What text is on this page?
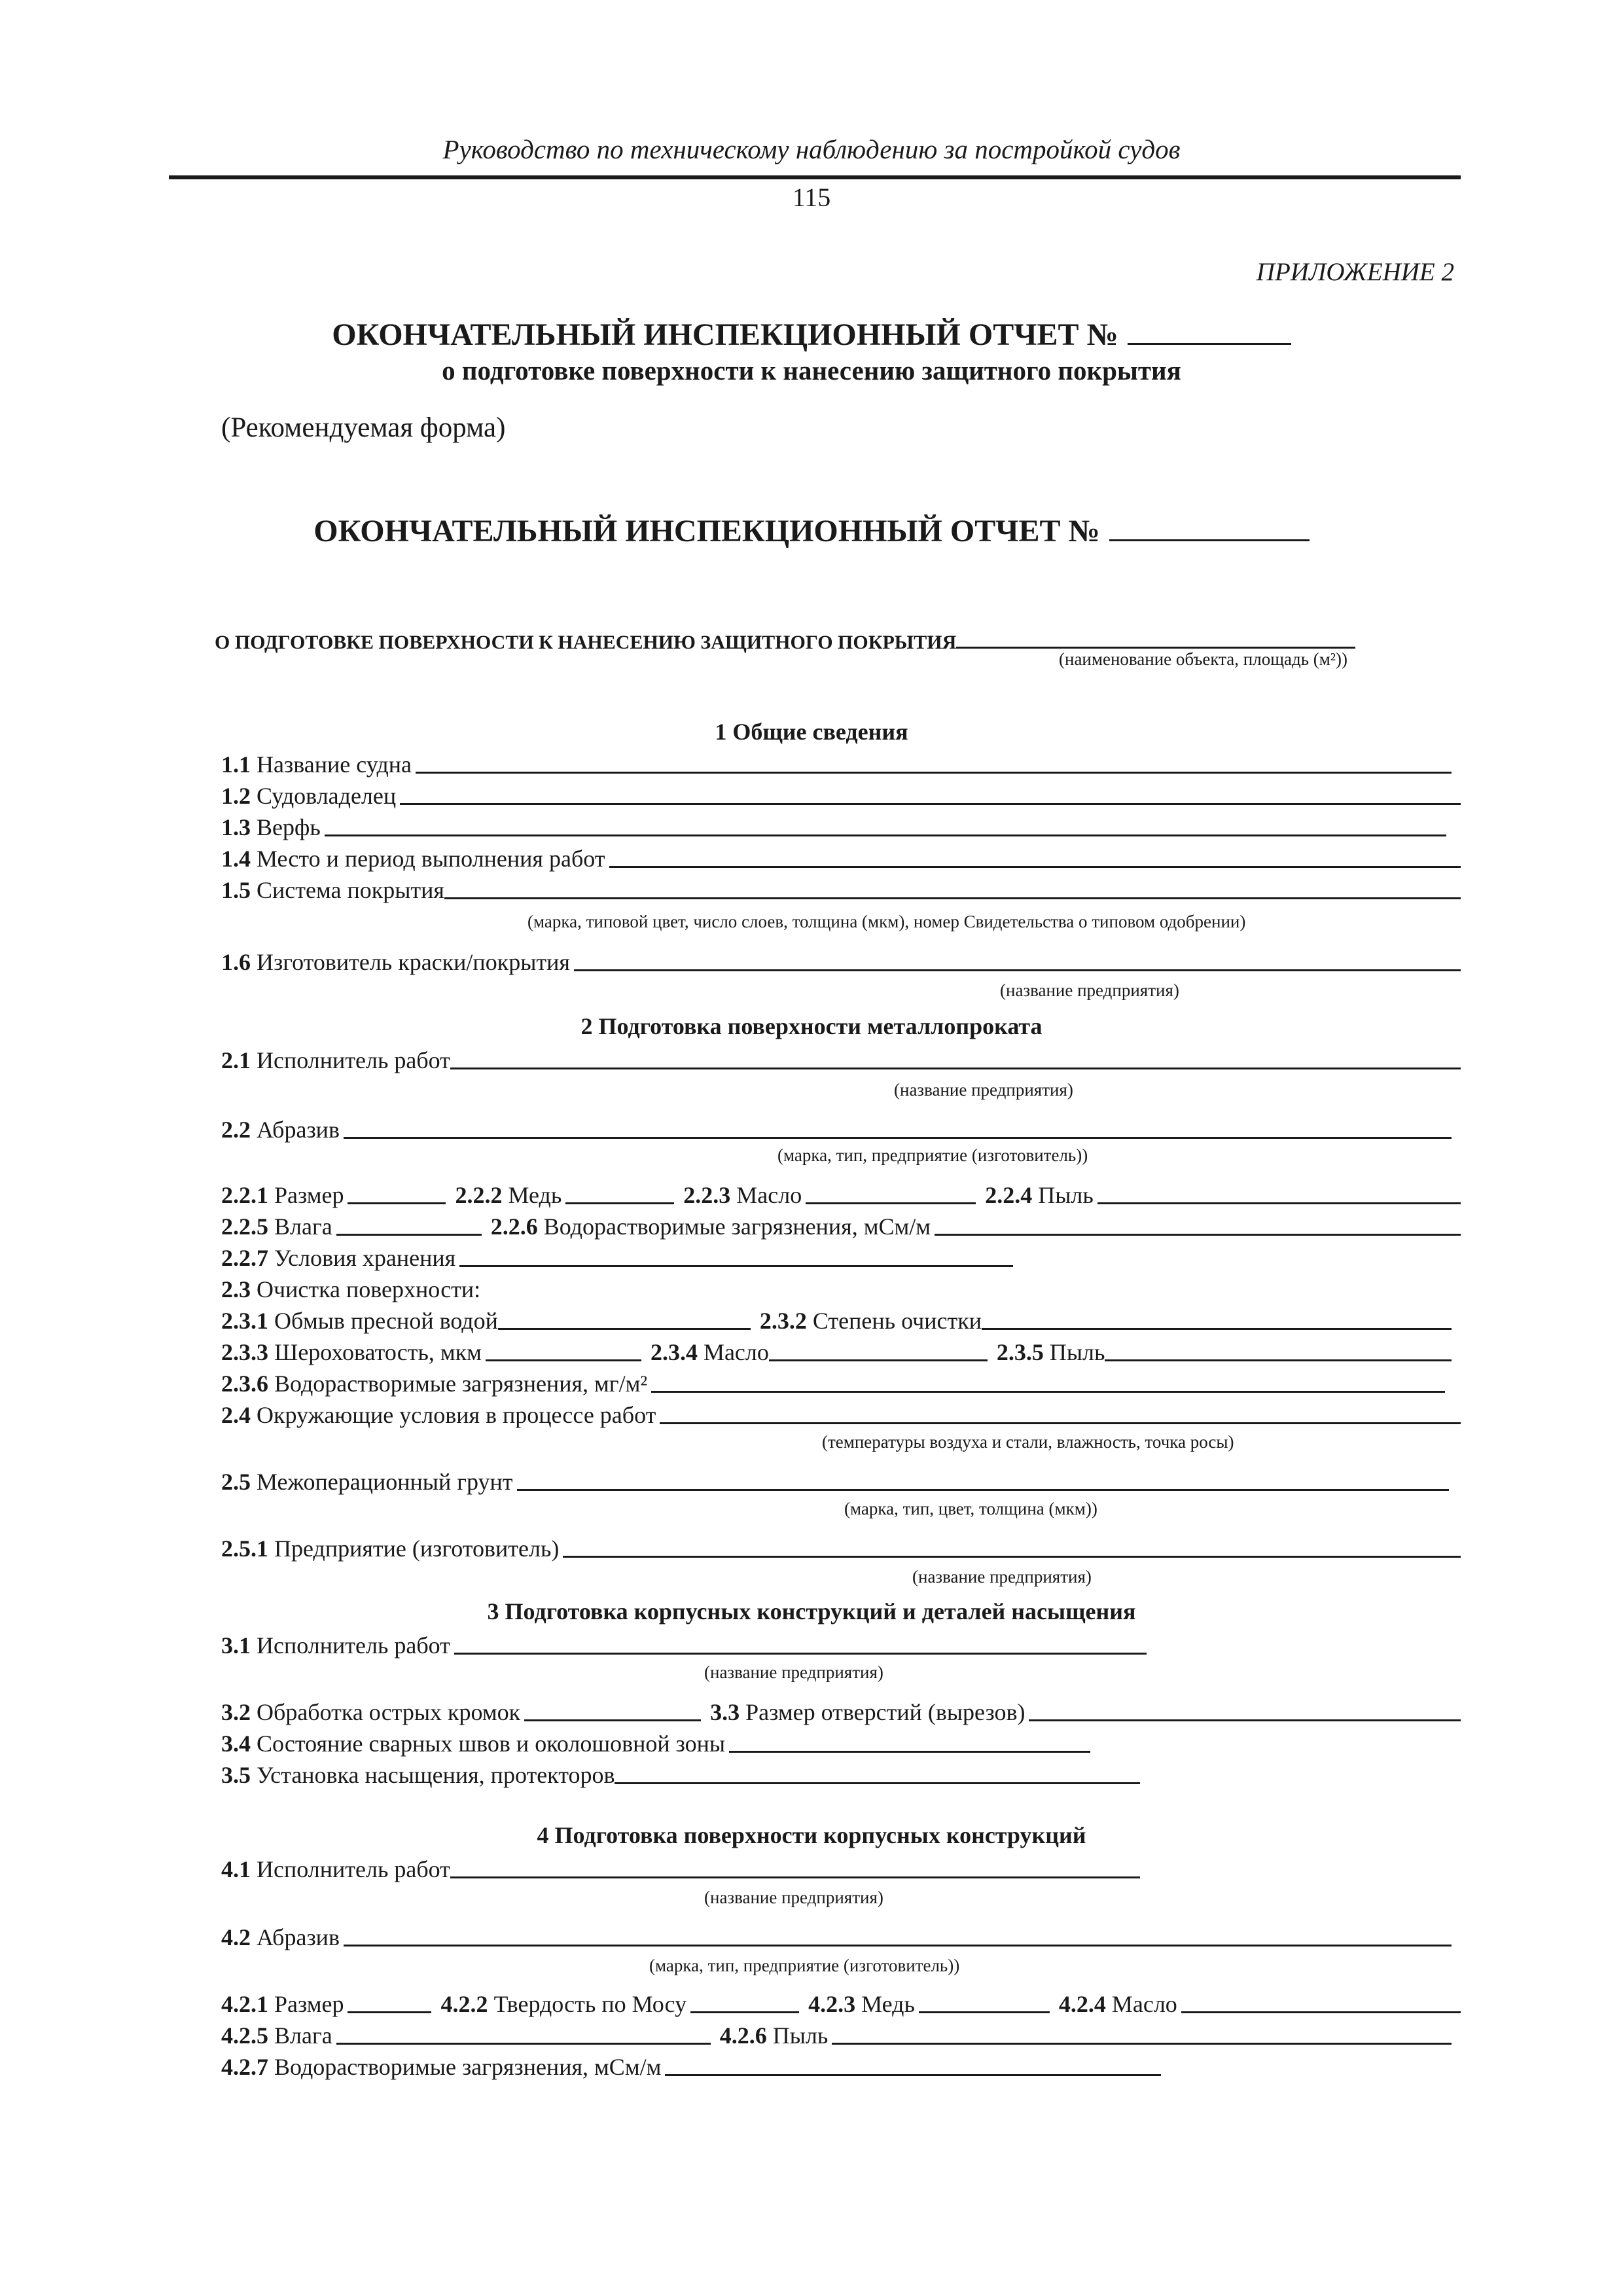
Руководство по техническому наблюдению за постройкой судов
115
ПРИЛОЖЕНИЕ 2
ОКОНЧАТЕЛЬНЫЙ ИНСПЕКЦИОННЫЙ ОТЧЕТ №
о подготовке поверхности к нанесению защитного покрытия
(Рекомендуемая форма)
ОКОНЧАТЕЛЬНЫЙ ИНСПЕКЦИОННЫЙ ОТЧЕТ №
О ПОДГОТОВКЕ ПОВЕРХНОСТИ К НАНЕСЕНИЮ ЗАЩИТНОГО ПОКРЫТИЯ
(наименование объекта, площадь (м²))
1 Общие сведения
1.1 Название судна
1.2 Судовладелец
1.3 Верфь
1.4 Место и период выполнения работ
1.5 Система покрытия
(марка, типовой цвет, число слоев, толщина (мкм), номер Свидетельства о типовом одобрении)
1.6 Изготовитель краски/покрытия
(название предприятия)
2 Подготовка поверхности металлопроката
2.1 Исполнитель работ
(название предприятия)
2.2 Абразив
(марка, тип, предприятие (изготовитель))
2.2.1 Размер	2.2.2 Медь	2.2.3 Масло	2.2.4 Пыль
2.2.5 Влага	2.2.6 Водорастворимые загрязнения, мСм/м
2.2.7 Условия хранения
2.3 Очистка поверхности:
2.3.1 Обмыв пресной водой	2.3.2 Степень очистки
2.3.3 Шероховатость, мкм	2.3.4 Масло	2.3.5 Пыль
2.3.6 Водорастворимые загрязнения, мг/м²
2.4 Окружающие условия в процессе работ
(температуры воздуха и стали, влажность, точка росы)
2.5 Межоперационный грунт
(марка, тип, цвет, толщина (мкм))
2.5.1 Предприятие (изготовитель)
(название предприятия)
3 Подготовка корпусных конструкций и деталей насыщения
3.1 Исполнитель работ
(название предприятия)
3.2 Обработка острых кромок	3.3 Размер отверстий (вырезов)
3.4 Состояние сварных швов и околошовной зоны
3.5 Установка насыщения, протекторов
4 Подготовка поверхности корпусных конструкций
4.1 Исполнитель работ
(название предприятия)
4.2 Абразив
(марка, тип, предприятие (изготовитель))
4.2.1 Размер	4.2.2 Твердость по Мосу	4.2.3 Медь	4.2.4 Масло
4.2.5 Влага	4.2.6 Пыль
4.2.7 Водорастворимые загрязнения, мСм/м
